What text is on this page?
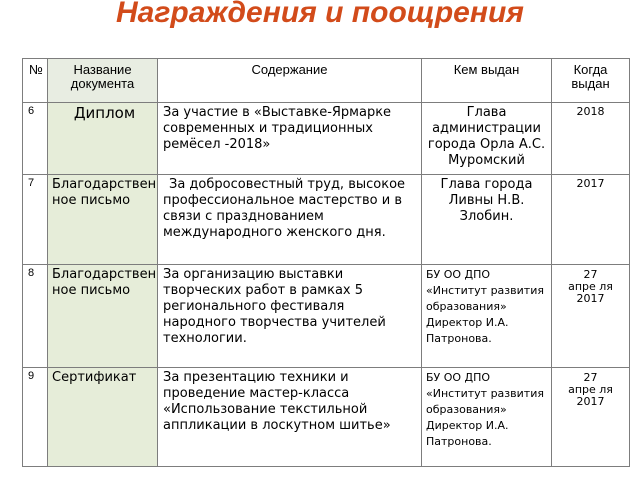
Награждения и поощрения
№	Название документа	Содержание	Кем выдан	Когда выдан

6	Диплом	За участие в «Выставке-Ярмарке современных и традиционных ремёсел -2018»	Глава администрации города Орла А.С. Муромский	2018

7	Благодарственное письмо	За добросовестный труд, высокое профессиональное мастерство и в связи с празднованием международного женского дня.	Глава города Ливны Н.В. Злобин.	2017

8	Благодарственное письмо	За организацию выставки творческих работ в рамках 5 регионального фестиваля народного творчества учителей технологии.	БУ ОО ДПО «Институт развития образования» Директор И.А. Патронова.	27
апре ля
2017

9	Сертификат	За презентацию техники и проведение мастер-класса «Использование текстильной аппликации в лоскутном шитье»	БУ ОО ДПО «Институт развития образования» Директор И.А. Патронова.	27
апре ля
2017
